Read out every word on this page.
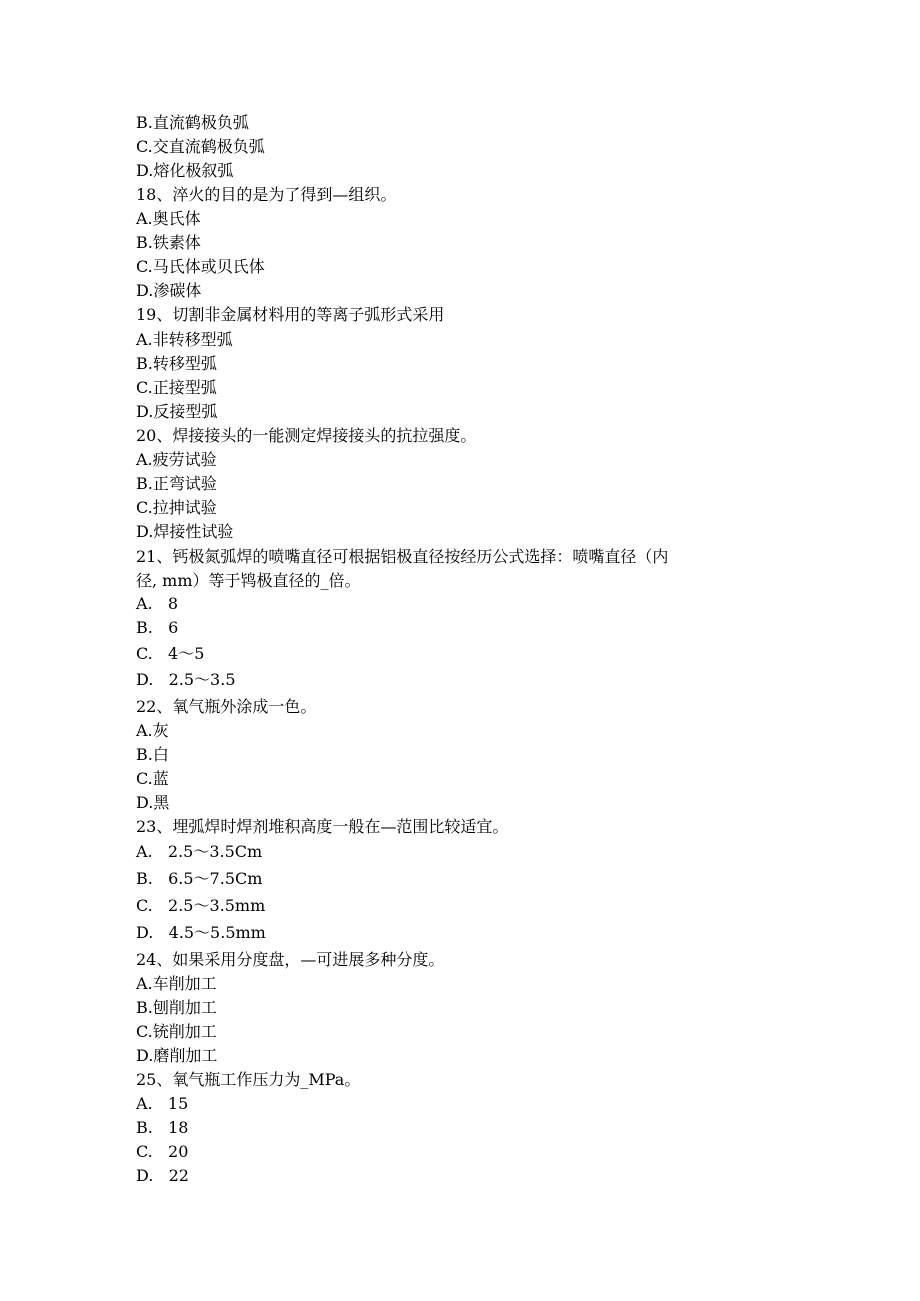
B.直流鹤极负弧
C.交直流鹤极负弧
D.熔化极叙弧
18、淬火的目的是为了得到—组织。
A.奥氏体
B.铁素体
C.马氏体或贝氏体
D.渗碳体
19、切割非金属材料用的等离子弧形式采用
A.非转移型弧
B.转移型弧
C.正接型弧
D.反接型弧
20、焊接接头的一能测定焊接接头的抗拉强度。
A.疲劳试验
B.正弯试验
C.拉抻试验
D.焊接性试验
21、钙极氮弧焊的喷嘴直径可根据铝极直径按经历公式选择：喷嘴直径（内
径, mm）等于鸨极直径的_倍。
A.   8
B.   6
C.   4～5
D.   2.5～3.5
22、氧气瓶外涂成一色。
A.灰
B.白
C.蓝
D.黑
23、埋弧焊时焊剂堆积高度一般在—范围比较适宜。
A.   2.5～3.5Cm
B.   6.5～7.5Cm
C.   2.5～3.5mm
D.   4.5～5.5mm
24、如果采用分度盘，—可进展多种分度。
A.车削加工
B.刨削加工
C.铳削加工
D.磨削加工
25、氧气瓶工作压力为_MPa。
A.   15
B.   18
C.   20
D.   22
